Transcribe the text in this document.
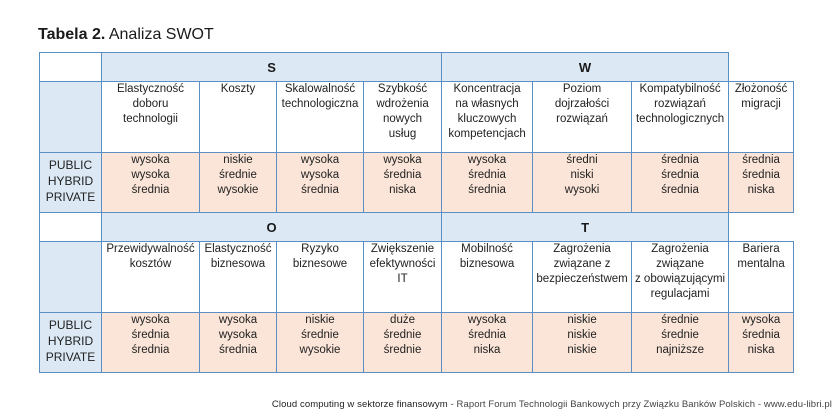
Tabela 2. Analiza SWOT
	S				W			

	Elastyczność
doboru
technologii	Koszty	Skalowalność
technologiczna	Szybkość
wdrożenia
nowych
usług	Koncentracja
na własnych
kluczowych
kompetencjach	Poziom
dojrzałości
rozwiązań	Kompatybilność
rozwiązań
technologicznych	Złożoność
migracji

PUBLIC
HYBRID
PRIVATE	wysoka
wysoka
średnia	niskie
średnie
wysokie	wysoka
wysoka
średnia	wysoka
średnia
niska	wysoka
średnia
średnia	średni
niski
wysoki	średnia
średnia
średnia	średnia
średnia
niska

	O				T			

	Przewidywalność
kosztów	Elastyczność
biznesowa	Ryzyko
biznesowe	Zwiększenie
efektywności
IT	Mobilność
biznesowa	Zagrożenia
związane z
bezpieczeństwem	Zagrożenia
związane
z obowiązującymi
regulacjami	Bariera
mentalna

PUBLIC
HYBRID
PRIVATE	wysoka
średnia
średnia	wysoka
wysoka
średnia	niskie
średnie
wysokie	duże
średnie
średnie	wysoka
średnia
niska	niskie
niskie
niskie	średnie
średnie
najniższe	wysoka
średnia
niska
Cloud computing w sektorze finansowym - Raport Forum Technologii Bankowych przy Związku Banków Polskich - www.edu-libri.pl
